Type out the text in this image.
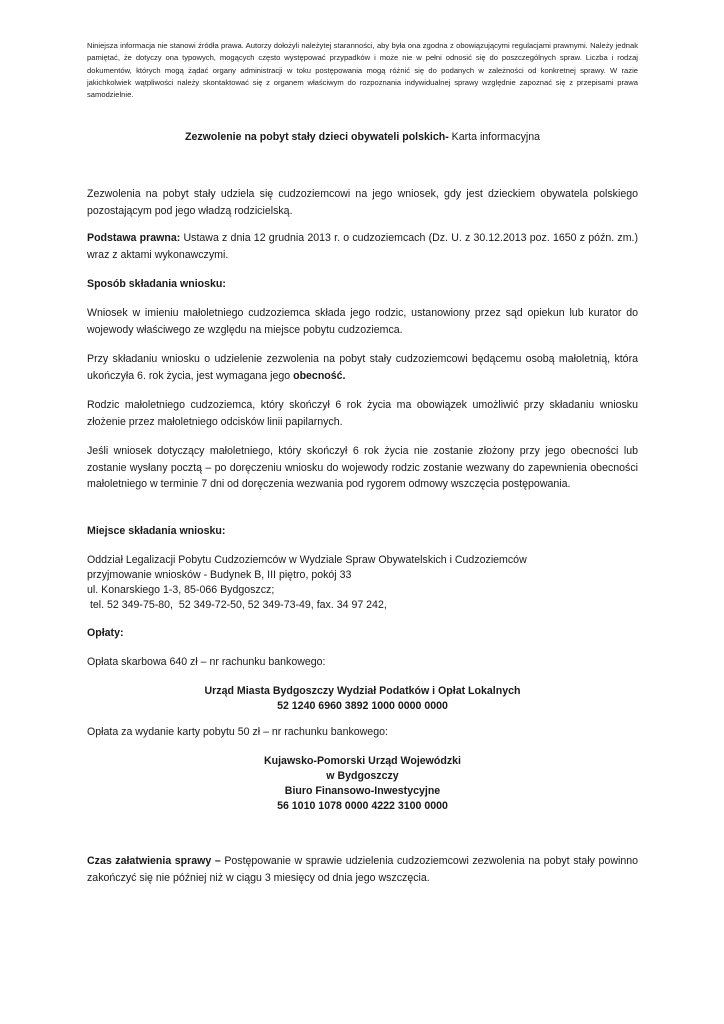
Niniejsza informacja nie stanowi źródła prawa. Autorzy dołożyli należytej staranności, aby była ona zgodna z obowiązującymi regulacjami prawnymi. Należy jednak pamiętać, że dotyczy ona typowych, mogących często występować przypadków i może nie w pełni odnosić się do poszczególnych spraw. Liczba i rodzaj dokumentów, których mogą żądać organy administracji w toku postępowania mogą różnić się do podanych w zależności od konkretnej sprawy. W razie jakichkolwiek wątpliwości należy skontaktować się z organem właściwym do rozpoznania indywidualnej sprawy względnie zapoznać się z przepisami prawa samodzielnie.

Zezwolenie na pobyt stały dzieci obywateli polskich- Karta informacyjna

Zezwolenia na pobyt stały udziela się cudzoziemcowi na jego wniosek, gdy jest dzieckiem obywatela polskiego pozostającym pod jego władzą rodzicielską.

Podstawa prawna: Ustawa z dnia 12 grudnia 2013 r. o cudzoziemcach (Dz. U. z 30.12.2013 poz. 1650 z późn. zm.) wraz z aktami wykonawczymi.

Sposób składania wniosku:

Wniosek w imieniu małoletniego cudzoziemca składa jego rodzic, ustanowiony przez sąd opiekun lub kurator do wojewody właściwego ze względu na miejsce pobytu cudzoziemca.

Przy składaniu wniosku o udzielenie zezwolenia na pobyt stały cudzoziemcowi będącemu osobą małoletnią, która ukończyła 6. rok życia, jest wymagana jego obecność.

Rodzic małoletniego cudzoziemca, który skończył 6 rok życia ma obowiązek umożliwić przy składaniu wniosku złożenie przez małoletniego odcisków linii papilarnych.

Jeśli wniosek dotyczący małoletniego, który skończył 6 rok życia nie zostanie złożony przy jego obecności lub zostanie wysłany pocztą – po doręczeniu wniosku do wojewody rodzic zostanie wezwany do zapewnienia obecności małoletniego w terminie 7 dni od doręczenia wezwania pod rygorem odmowy wszczęcia postępowania.

Miejsce składania wniosku:

Oddział Legalizacji Pobytu Cudzoziemców w Wydziale Spraw Obywatelskich i Cudzoziemców
przyjmowanie wniosków - Budynek B, III piętro, pokój 33
ul. Konarskiego 1-3, 85-066 Bydgoszcz;
tel. 52 349-75-80,  52 349-72-50, 52 349-73-49, fax. 34 97 242,

Opłaty:

Opłata skarbowa 640 zł – nr rachunku bankowego:

Urząd Miasta Bydgoszczy Wydział Podatków i Opłat Lokalnych
52 1240 6960 3892 1000 0000 0000

Opłata za wydanie karty pobytu 50 zł – nr rachunku bankowego:

Kujawsko-Pomorski Urząd Wojewódzki
w Bydgoszczy
Biuro Finansowo-Inwestycyjne
56 1010 1078 0000 4222 3100 0000

Czas załatwienia sprawy – Postępowanie w sprawie udzielenia cudzoziemcowi zezwolenia na pobyt stały powinno zakończyć się nie później niż w ciągu 3 miesięcy od dnia jego wszczęcia.
